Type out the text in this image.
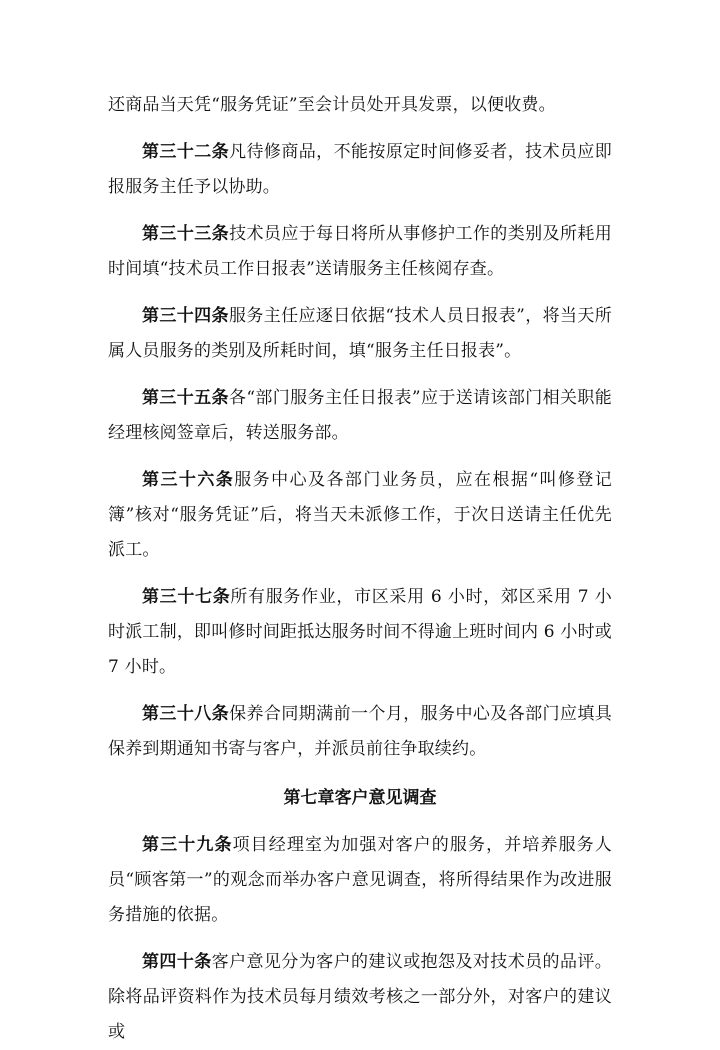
还商品当天凭“服务凭证”至会计员处开具发票，以便收费。

第三十二条凡待修商品，不能按原定时间修妥者，技术员应即报服务主任予以协助。

第三十三条技术员应于每日将所从事修护工作的类别及所耗用时间填“技术员工作日报表”送请服务主任核阅存查。

第三十四条服务主任应逐日依据“技术人员日报表”，将当天所属人员服务的类别及所耗时间，填“服务主任日报表”。

第三十五条各“部门服务主任日报表”应于送请该部门相关职能经理核阅签章后，转送服务部。

第三十六条服务中心及各部门业务员，应在根据“叫修登记簿”核对“服务凭证”后，将当天未派修工作，于次日送请主任优先派工。

第三十七条所有服务作业，市区采用 6 小时，郊区采用 7 小时派工制，即叫修时间距抵达服务时间不得逾上班时间内 6 小时或 7 小时。

第三十八条保养合同期满前一个月，服务中心及各部门应填具保养到期通知书寄与客户，并派员前往争取续约。

第七章客户意见调查

第三十九条项目经理室为加强对客户的服务，并培养服务人员“顾客第一”的观念而举办客户意见调查，将所得结果作为改进服务措施的依据。

第四十条客户意见分为客户的建议或抱怨及对技术员的品评。除将品评资料作为技术员每月绩效考核之一部分外，对客户的建议或
